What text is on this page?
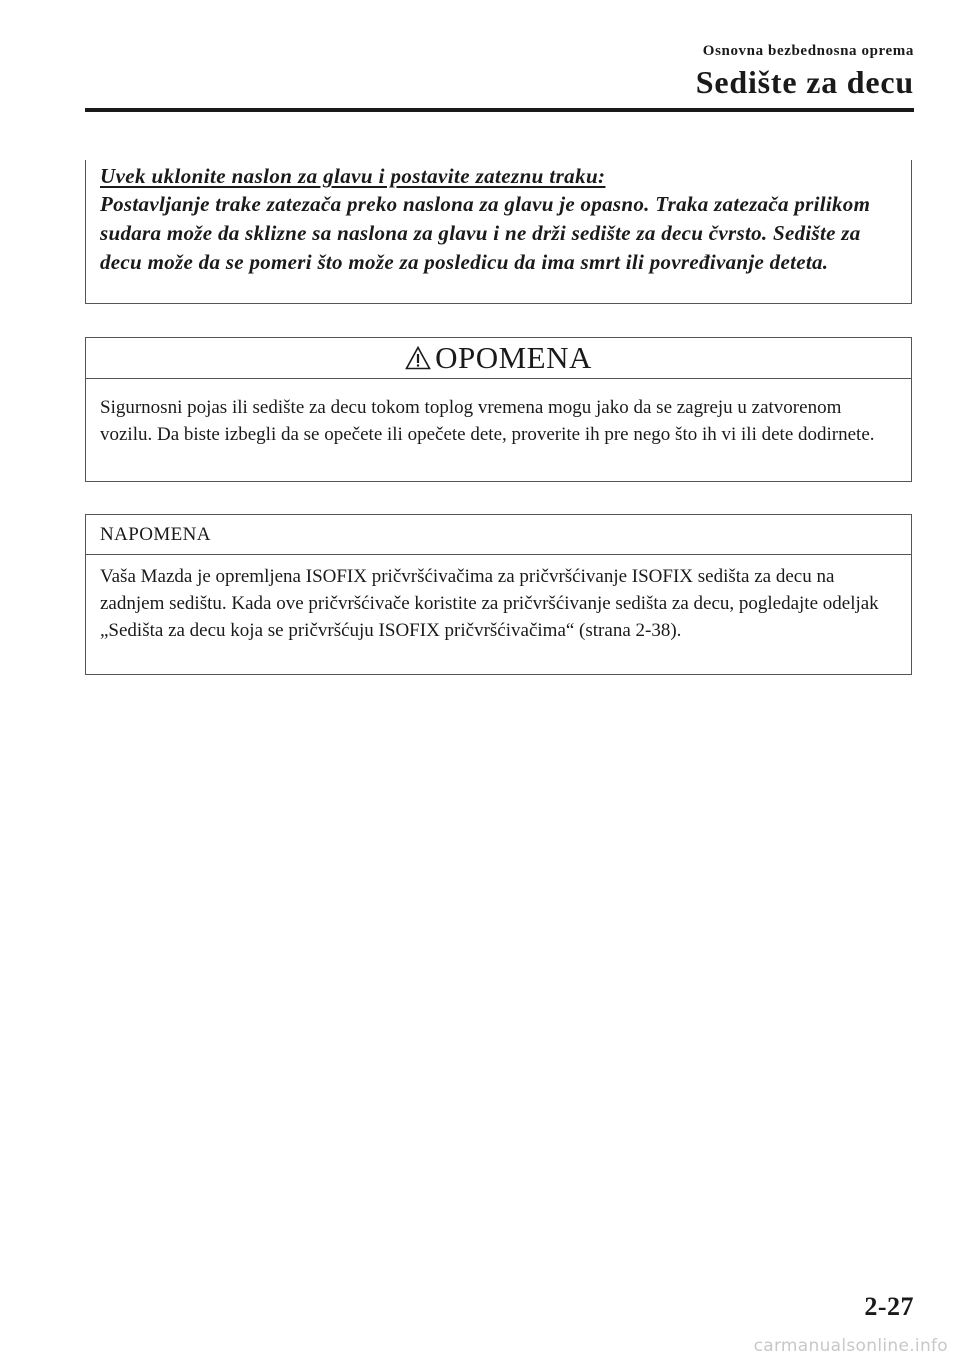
Osnovna bezbednosna oprema
Sedište za decu
Uvek uklonite naslon za glavu i postavite zateznu traku:
Postavljanje trake zatezača preko naslona za glavu je opasno. Traka zatezača prilikom sudara može da sklizne sa naslona za glavu i ne drži sedište za decu čvrsto. Sedište za decu može da se pomeri što može za posledicu da ima smrt ili povređivanje deteta.
OPOMENA
Sigurnosni pojas ili sedište za decu tokom toplog vremena mogu jako da se zagreju u zatvorenom vozilu. Da biste izbegli da se opečete ili opečete dete, proverite ih pre nego što ih vi ili dete dodirnete.
NAPOMENA
Vaša Mazda je opremljena ISOFIX pričvršćivačima za pričvršćivanje ISOFIX sedišta za decu na zadnjem sedištu. Kada ove pričvršćivače koristite za pričvršćivanje sedišta za decu, pogledajte odeljak „Sedišta za decu koja se pričvršćuju ISOFIX pričvršćivačima“ (strana 2-38).
2-27
carmanualsonline.info
